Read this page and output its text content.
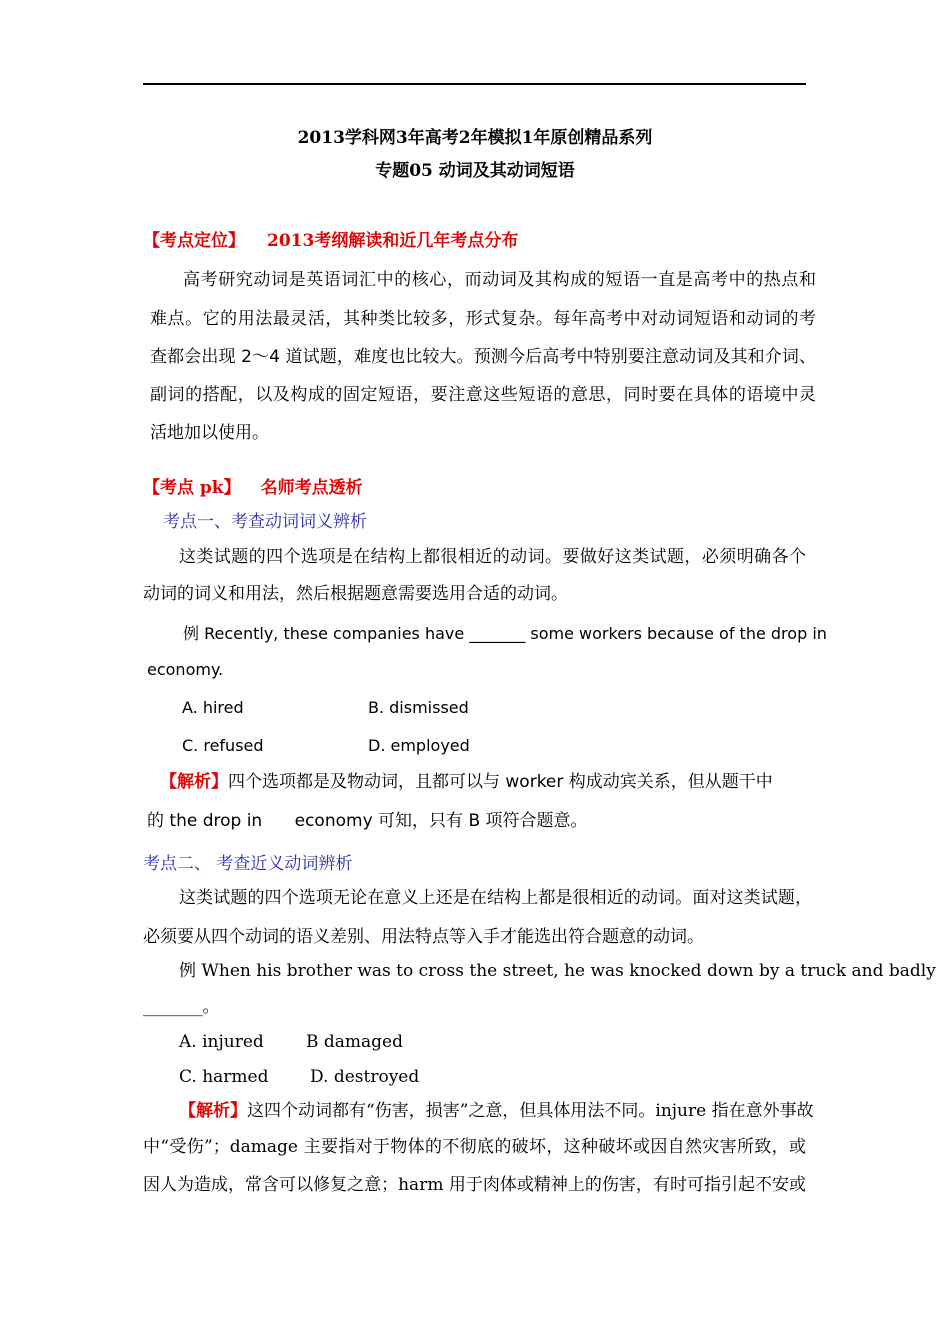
2013学科网3年高考2年模拟1年原创精品系列
专题05 动词及其动词短语
【考点定位】 2013考纲解读和近几年考点分布
高考研究动词是英语词汇中的核心，而动词及其构成的短语一直是高考中的热点和
难点。它的用法最灵活，其种类比较多，形式复杂。每年高考中对动词短语和动词的考
查都会出现 2～4 道试题，难度也比较大。预测今后高考中特别要注意动词及其和介词、
副词的搭配，以及构成的固定短语，要注意这些短语的意思，同时要在具体的语境中灵
活地加以使用。
【考点 pk】 名师考点透析
考点一、考查动词词义辨析
这类试题的四个选项是在结构上都很相近的动词。要做好这类试题，必须明确各个
动词的词义和用法，然后根据题意需要选用合适的动词。
例 Recently, these companies have _______ some workers because of the drop in
economy.
A. hired	B. dismissed
C. refused	D. employed
【解析】四个选项都是及物动词，且都可以与 worker 构成动宾关系，但从题干中
的 the drop in      economy 可知，只有 B 项符合题意。
考点二、 考查近义动词辨析
这类试题的四个选项无论在意义上还是在结构上都是很相近的动词。面对这类试题，
必须要从四个动词的语义差别、用法特点等入手才能选出符合题意的动词。
例 When his brother was to cross the street, he was knocked down by a truck and badly
_______。
A. injured B damaged
C. harmed D. destroyed
【解析】这四个动词都有“伤害，损害”之意，但具体用法不同。injure 指在意外事故
中“受伤”；damage 主要指对于物体的不彻底的破坏，这种破坏或因自然灾害所致，或
因人为造成，常含可以修复之意；harm 用于肉体或精神上的伤害，有时可指引起不安或
